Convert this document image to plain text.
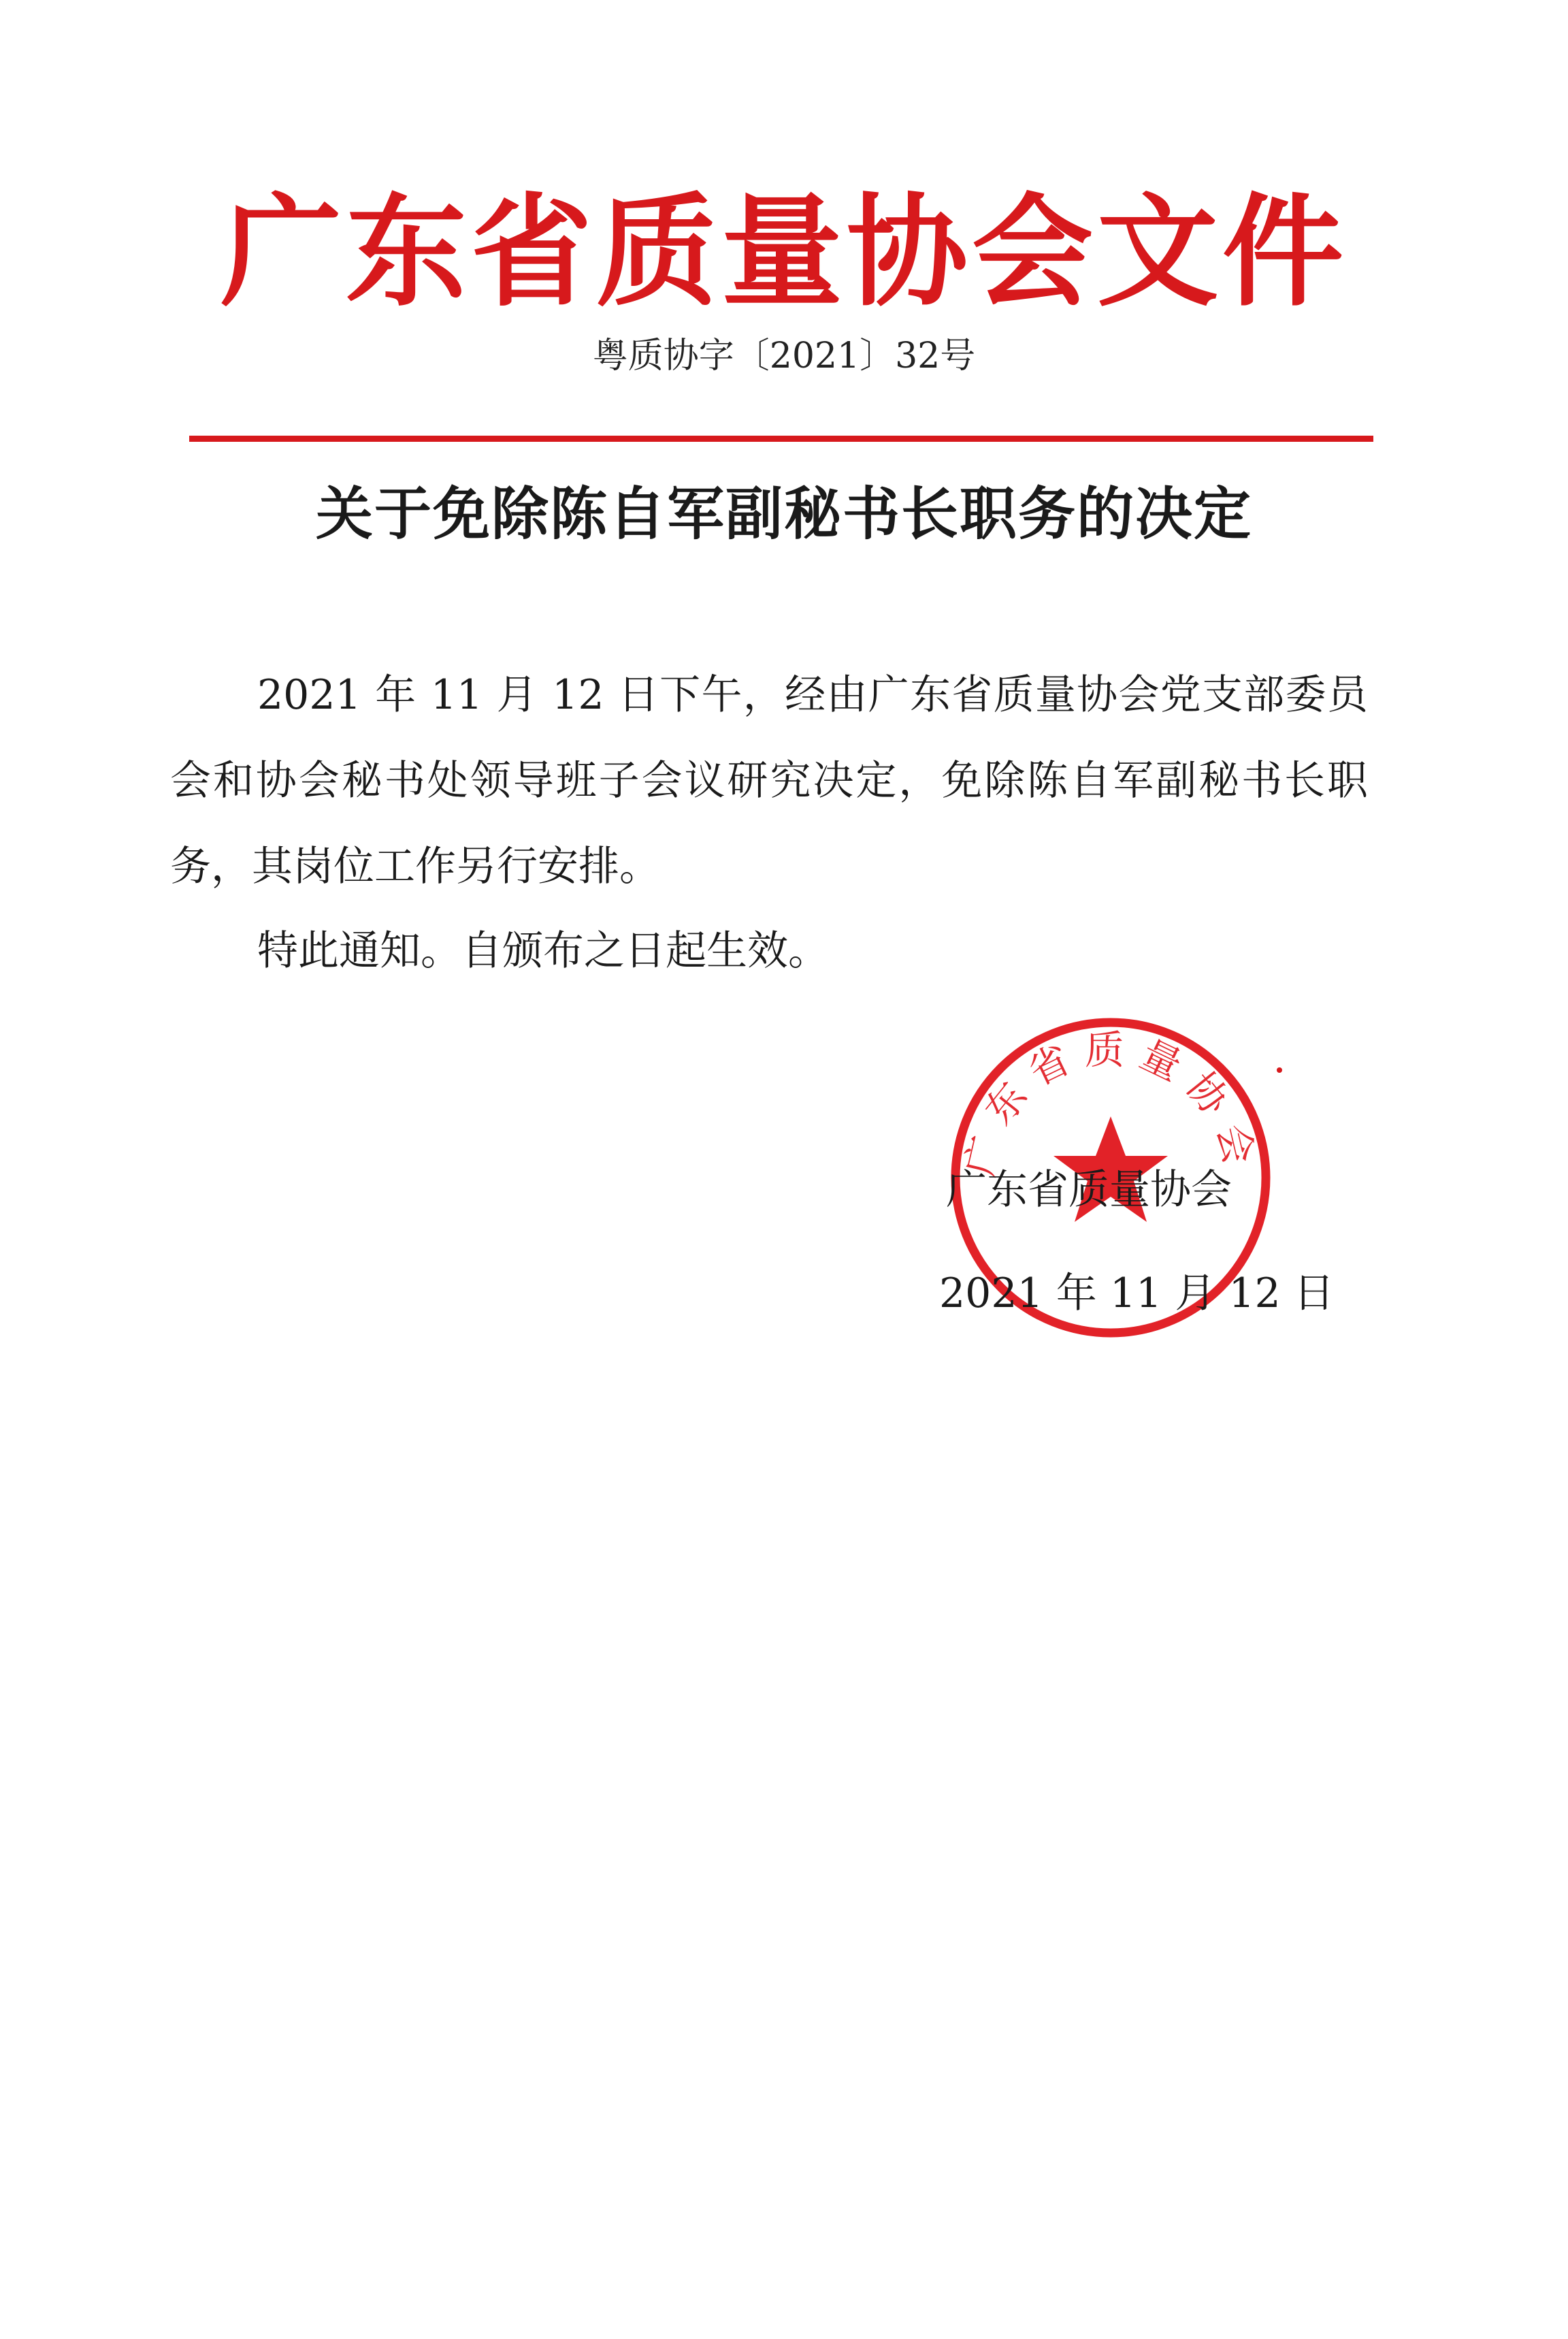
广东省质量协会文件
粤质协字〔2021〕32号
关于免除陈自军副秘书长职务的决定
2021 年 11 月 12 日下午，经由广东省质量协会党支部委员会和协会秘书处领导班子会议研究决定，免除陈自军副秘书长职务，其岗位工作另行安排。
特此通知。自颁布之日起生效。
广东省质量协会
广东省质量协会
2021 年 11 月 12 日
